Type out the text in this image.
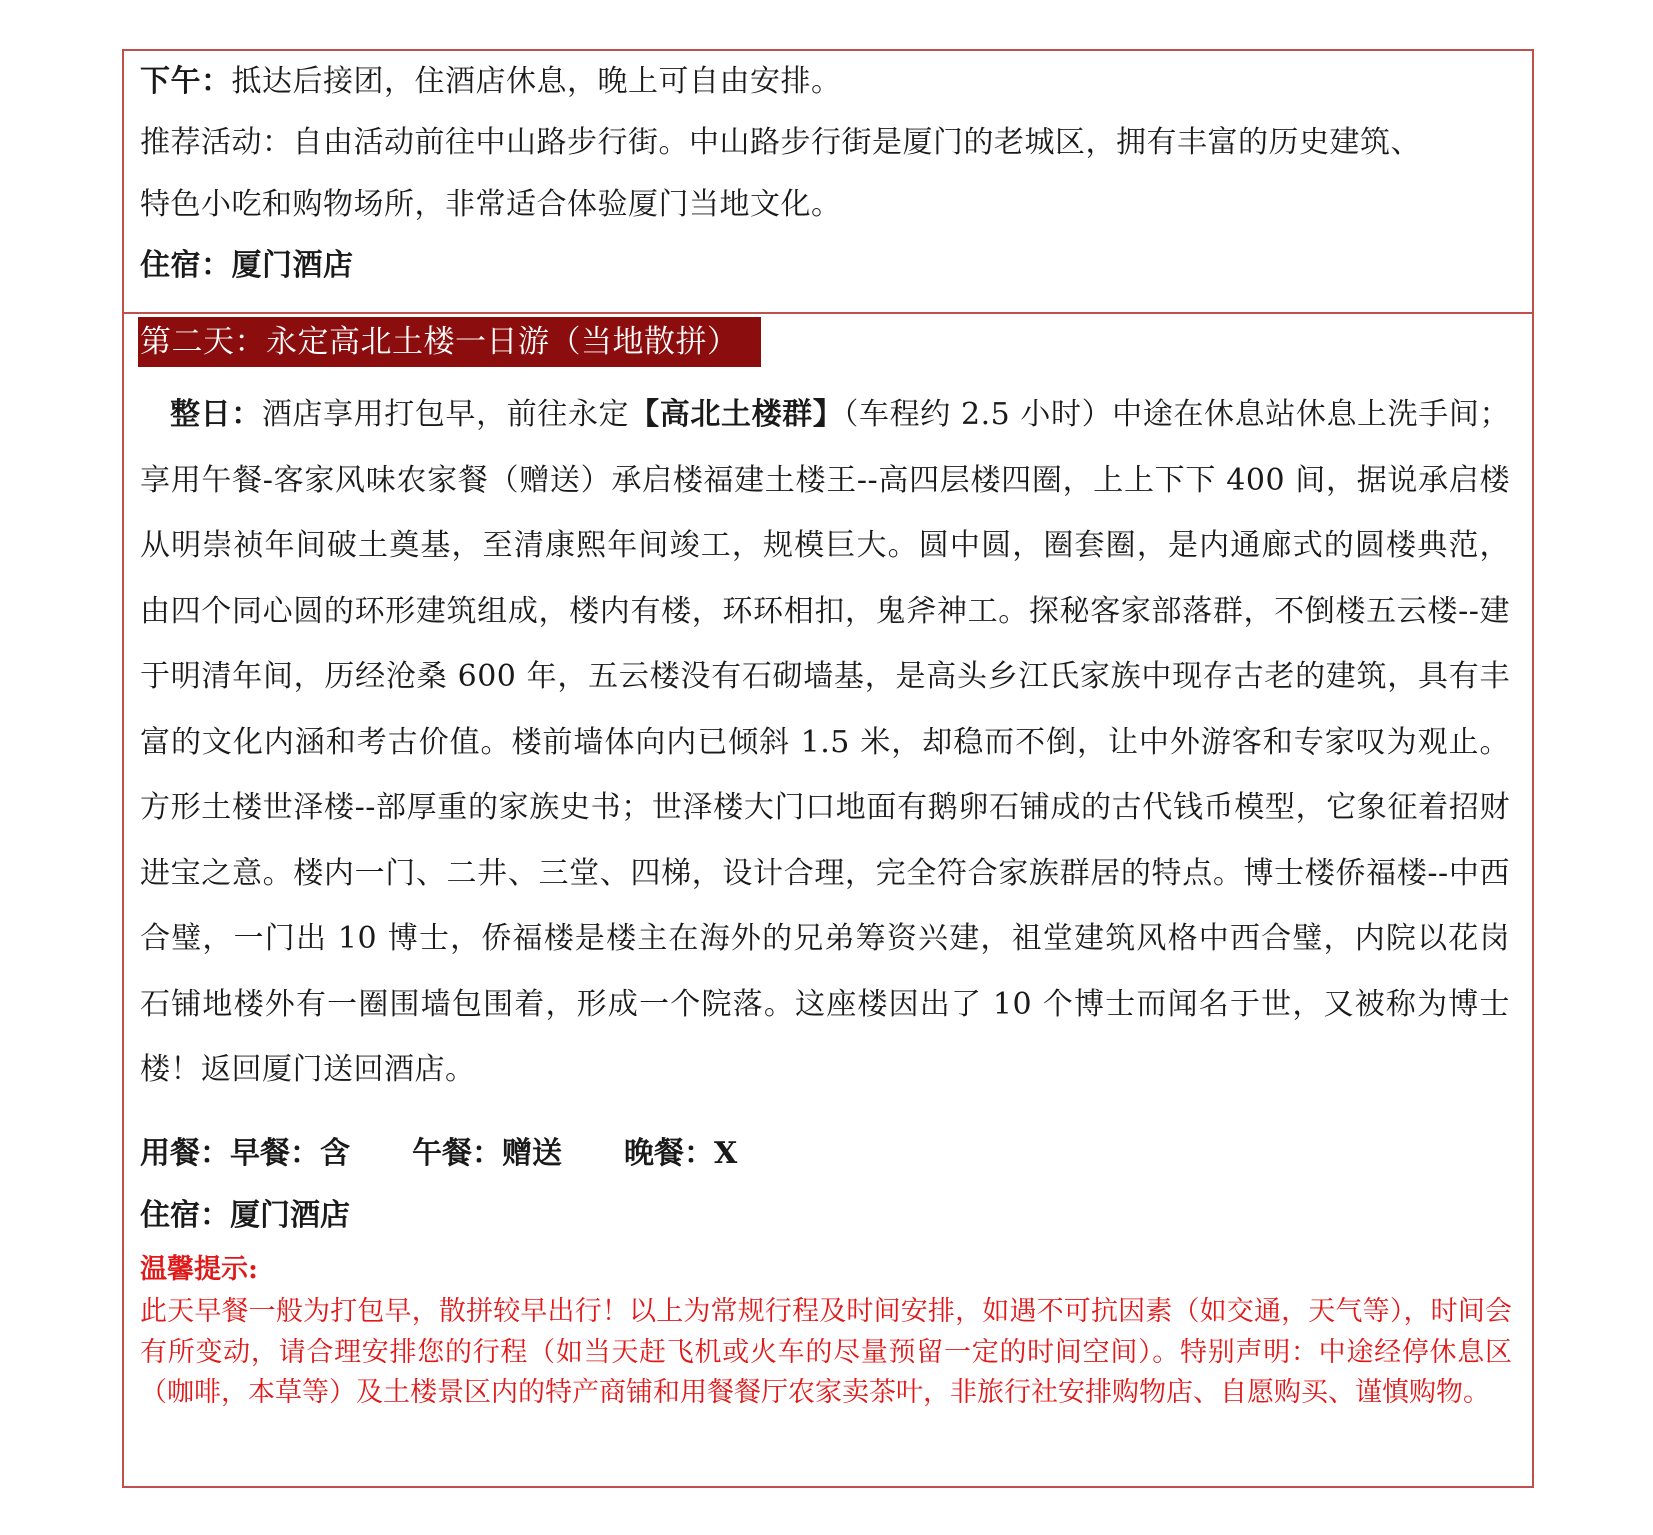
下午：抵达后接团，住酒店休息，晚上可自由安排。
推荐活动：自由活动前往中山路步行街。中山路步行街是厦门的老城区，拥有丰富的历史建筑、
特色小吃和购物场所，非常适合体验厦门当地文化。
住宿：厦门酒店
第二天：永定高北土楼一日游（当地散拼）
整日：酒店享用打包早，前往永定【高北土楼群】（车程约 2.5 小时）中途在休息站休息上洗手间；享用午餐-客家风味农家餐（赠送）承启楼福建土楼王--高四层楼四圈，上上下下 400 间，据说承启楼从明崇祯年间破土奠基，至清康熙年间竣工，规模巨大。圆中圆，圈套圈，是内通廊式的圆楼典范，由四个同心圆的环形建筑组成，楼内有楼，环环相扣，鬼斧神工。探秘客家部落群，不倒楼五云楼--建于明清年间，历经沧桑 600 年，五云楼没有石砌墙基，是高头乡江氏家族中现存古老的建筑，具有丰富的文化内涵和考古价值。楼前墙体向内已倾斜 1.5 米，却稳而不倒，让中外游客和专家叹为观止。方形土楼世泽楼--部厚重的家族史书；世泽楼大门口地面有鹅卵石铺成的古代钱币模型，它象征着招财进宝之意。楼内一门、二井、三堂、四梯，设计合理，完全符合家族群居的特点。博士楼侨福楼--中西合璧，一门出 10 博士，侨福楼是楼主在海外的兄弟筹资兴建，祖堂建筑风格中西合璧，内院以花岗石铺地楼外有一圈围墙包围着，形成一个院落。这座楼因出了 10 个博士而闻名于世，又被称为博士楼！返回厦门送回酒店。
用餐：早餐：含 午餐：赠送 晚餐：X
住宿：厦门酒店
温馨提示:
此天早餐一般为打包早，散拼较早出行！以上为常规行程及时间安排，如遇不可抗因素（如交通，天气等），时间会有所变动，请合理安排您的行程（如当天赶飞机或火车的尽量预留一定的时间空间）。特别声明：中途经停休息区（咖啡，本草等）及土楼景区内的特产商铺和用餐餐厅农家卖茶叶，非旅行社安排购物店、自愿购买、谨慎购物。
